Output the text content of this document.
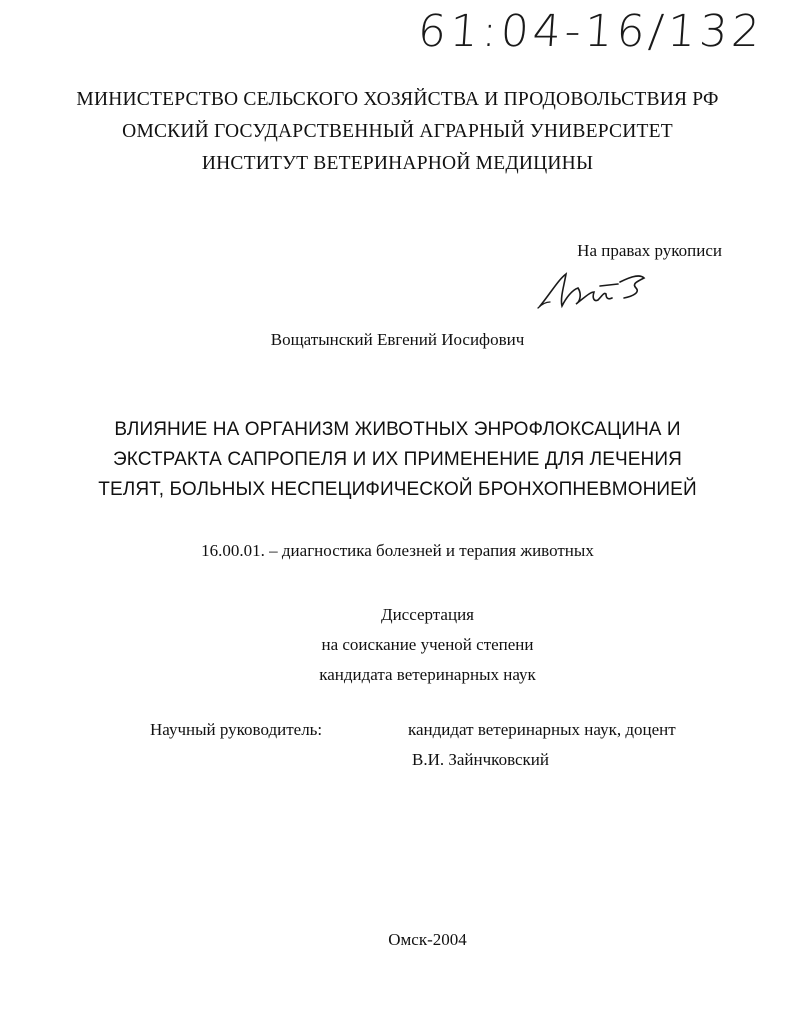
61:04-16/132
МИНИСТЕРСТВО СЕЛЬСКОГО ХОЗЯЙСТВА И ПРОДОВОЛЬСТВИЯ РФ
ОМСКИЙ ГОСУДАРСТВЕННЫЙ АГРАРНЫЙ УНИВЕРСИТЕТ
ИНСТИТУТ ВЕТЕРИНАРНОЙ МЕДИЦИНЫ
На правах рукописи
Вощатынский Евгений Иосифович
ВЛИЯНИЕ НА ОРГАНИЗМ ЖИВОТНЫХ ЭНРОФЛОКСАЦИНА И
ЭКСТРАКТА САПРОПЕЛЯ И ИХ ПРИМЕНЕНИЕ ДЛЯ ЛЕЧЕНИЯ
ТЕЛЯТ, БОЛЬНЫХ НЕСПЕЦИФИЧЕСКОЙ БРОНХОПНЕВМОНИЕЙ
16.00.01. – диагностика болезней и терапия животных
Диссертация
на соискание ученой степени
кандидата ветеринарных наук
Научный руководитель:	кандидат ветеринарных наук, доцент
В.И. Зайнчковский
Омск-2004
